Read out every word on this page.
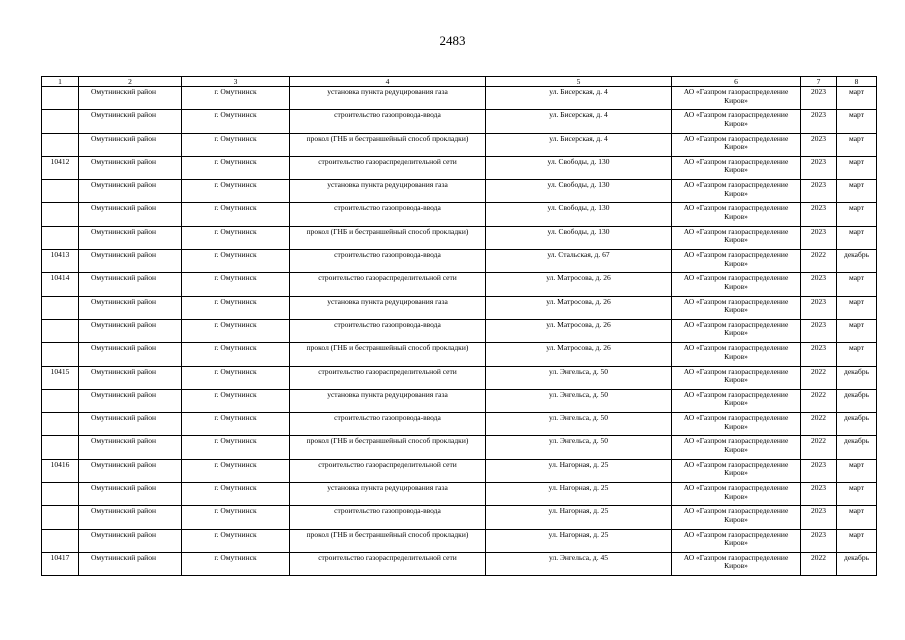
2483
1	2	3	4	5	6	7	8
	Омутнинский район	г. Омутнинск	установка пункта редуцирования газа	ул. Бисерская, д. 4	АО «Газпром газораспределение Киров»	2023	март
	Омутнинский район	г. Омутнинск	строительство газопровода-ввода	ул. Бисерская, д. 4	АО «Газпром газораспределение Киров»	2023	март
	Омутнинский район	г. Омутнинск	прокол (ГНБ и бестраншейный способ прокладки)	ул. Бисерская, д. 4	АО «Газпром газораспределение Киров»	2023	март
10412	Омутнинский район	г. Омутнинск	строительство газораспределительной сети	ул. Свободы, д. 130	АО «Газпром газораспределение Киров»	2023	март
	Омутнинский район	г. Омутнинск	установка пункта редуцирования газа	ул. Свободы, д. 130	АО «Газпром газораспределение Киров»	2023	март
	Омутнинский район	г. Омутнинск	строительство газопровода-ввода	ул. Свободы, д. 130	АО «Газпром газораспределение Киров»	2023	март
	Омутнинский район	г. Омутнинск	прокол (ГНБ и бестраншейный способ прокладки)	ул. Свободы, д. 130	АО «Газпром газораспределение Киров»	2023	март
10413	Омутнинский район	г. Омутнинск	строительство газопровода-ввода	ул. Стальская, д. 67	АО «Газпром газораспределение Киров»	2022	декабрь
10414	Омутнинский район	г. Омутнинск	строительство газораспределительной сети	ул. Матросова, д. 26	АО «Газпром газораспределение Киров»	2023	март
	Омутнинский район	г. Омутнинск	установка пункта редуцирования газа	ул. Матросова, д. 26	АО «Газпром газораспределение Киров»	2023	март
	Омутнинский район	г. Омутнинск	строительство газопровода-ввода	ул. Матросова, д. 26	АО «Газпром газораспределение Киров»	2023	март
	Омутнинский район	г. Омутнинск	прокол (ГНБ и бестраншейный способ прокладки)	ул. Матросова, д. 26	АО «Газпром газораспределение Киров»	2023	март
10415	Омутнинский район	г. Омутнинск	строительство газораспределительной сети	ул. Энгельса, д. 50	АО «Газпром газораспределение Киров»	2022	декабрь
	Омутнинский район	г. Омутнинск	установка пункта редуцирования газа	ул. Энгельса, д. 50	АО «Газпром газораспределение Киров»	2022	декабрь
	Омутнинский район	г. Омутнинск	строительство газопровода-ввода	ул. Энгельса, д. 50	АО «Газпром газораспределение Киров»	2022	декабрь
	Омутнинский район	г. Омутнинск	прокол (ГНБ и бестраншейный способ прокладки)	ул. Энгельса, д. 50	АО «Газпром газораспределение Киров»	2022	декабрь
10416	Омутнинский район	г. Омутнинск	строительство газораспределительной сети	ул. Нагорная, д. 25	АО «Газпром газораспределение Киров»	2023	март
	Омутнинский район	г. Омутнинск	установка пункта редуцирования газа	ул. Нагорная, д. 25	АО «Газпром газораспределение Киров»	2023	март
	Омутнинский район	г. Омутнинск	строительство газопровода-ввода	ул. Нагорная, д. 25	АО «Газпром газораспределение Киров»	2023	март
	Омутнинский район	г. Омутнинск	прокол (ГНБ и бестраншейный способ прокладки)	ул. Нагорная, д. 25	АО «Газпром газораспределение Киров»	2023	март
10417	Омутнинский район	г. Омутнинск	строительство газораспределительной сети	ул. Энгельса, д. 45	АО «Газпром газораспределение Киров»	2022	декабрь
